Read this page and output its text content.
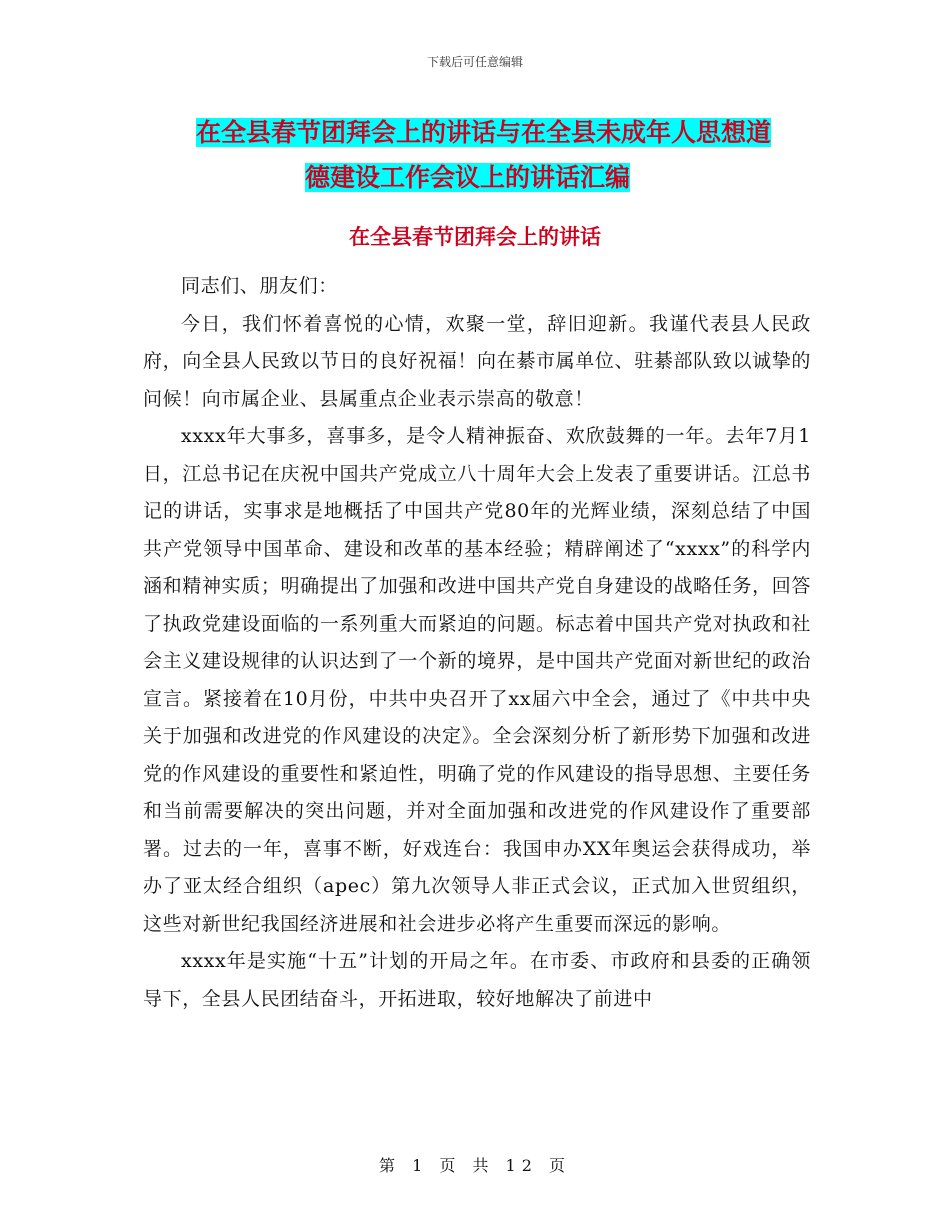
下载后可任意编辑
在全县春节团拜会上的讲话与在全县未成年人思想道
德建设工作会议上的讲话汇编
在全县春节团拜会上的讲话

同志们、朋友们：

今日，我们怀着喜悦的心情，欢聚一堂，辞旧迎新。我谨代表县人民政府，向全县人民致以节日的良好祝福！向在綦市属单位、驻綦部队致以诚挚的问候！向市属企业、县属重点企业表示崇高的敬意！

xxxx年大事多，喜事多，是令人精神振奋、欢欣鼓舞的一年。去年7月1日，江总书记在庆祝中国共产党成立八十周年大会上发表了重要讲话。江总书记的讲话，实事求是地概括了中国共产党80年的光辉业绩，深刻总结了中国共产党领导中国革命、建设和改革的基本经验；精辟阐述了“xxxx”的科学内涵和精神实质；明确提出了加强和改进中国共产党自身建设的战略任务，回答了执政党建设面临的一系列重大而紧迫的问题。标志着中国共产党对执政和社会主义建设规律的认识达到了一个新的境界，是中国共产党面对新世纪的政治宣言。紧接着在10月份，中共中央召开了xx届六中全会，通过了《中共中央关于加强和改进党的作风建设的决定》。全会深刻分析了新形势下加强和改进党的作风建设的重要性和紧迫性，明确了党的作风建设的指导思想、主要任务和当前需要解决的突出问题，并对全面加强和改进党的作风建设作了重要部署。过去的一年，喜事不断，好戏连台：我国申办XX年奥运会获得成功，举办了亚太经合组织（apec）第九次领导人非正式会议，正式加入世贸组织，这些对新世纪我国经济进展和社会进步必将产生重要而深远的影响。

xxxx年是实施“十五”计划的开局之年。在市委、市政府和县委的正确领导下，全县人民团结奋斗，开拓进取，较好地解决了前进中

第 1 页 共 12 页
